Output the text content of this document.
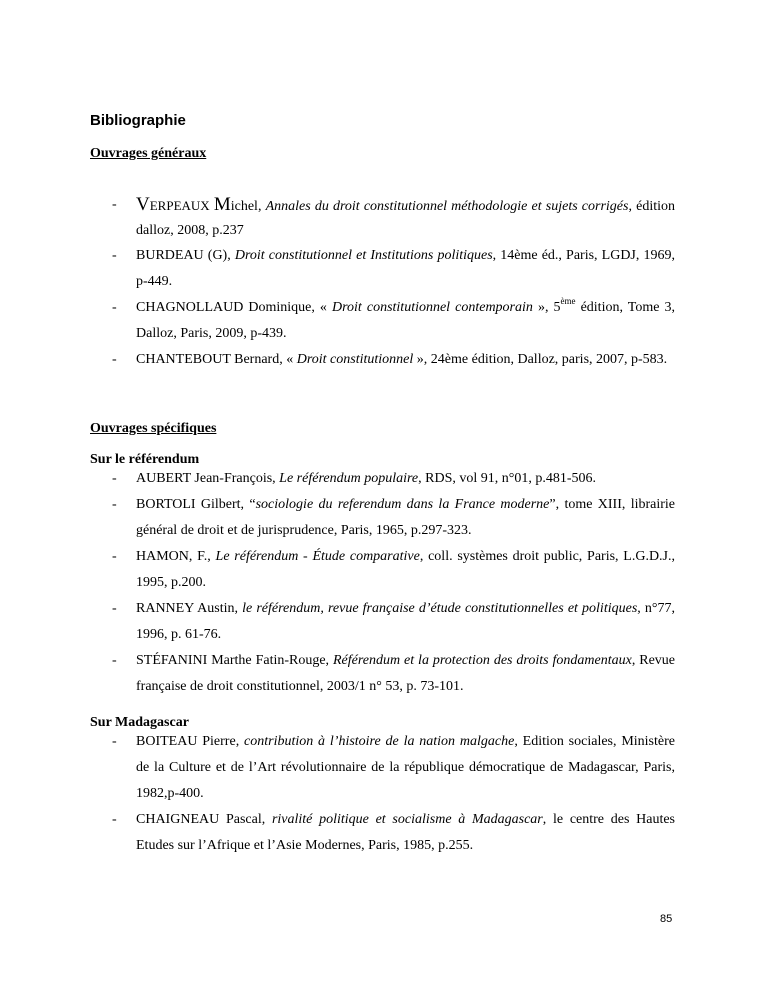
Bibliographie
Ouvrages généraux
- VERPEAUX Michel, Annales du droit constitutionnel méthodologie et sujets corrigés, édition dalloz, 2008, p.237
- BURDEAU (G), Droit constitutionnel et Institutions politiques, 14ème éd., Paris, LGDJ, 1969, p-449.
- CHAGNOLLAUD Dominique, « Droit constitutionnel contemporain », 5ème édition, Tome 3, Dalloz, Paris, 2009, p-439.
- CHANTEBOUT Bernard, « Droit constitutionnel », 24ème édition, Dalloz, paris, 2007, p-583.
Ouvrages spécifiques
Sur le référendum
- AUBERT Jean-François, Le référendum populaire, RDS, vol 91, n°01, p.481-506.
- BORTOLI Gilbert, “sociologie du referendum dans la France moderne”, tome XIII, librairie général de droit et de jurisprudence, Paris, 1965, p.297-323.
- HAMON, F., Le référendum - Étude comparative, coll. systèmes droit public, Paris, L.G.D.J., 1995, p.200.
- RANNEY Austin, le référendum, revue française d’étude constitutionnelles et politiques, n°77, 1996, p. 61-76.
- STÉFANINI Marthe Fatin-Rouge, Référendum et la protection des droits fondamentaux, Revue française de droit constitutionnel, 2003/1 n° 53, p. 73-101.
Sur Madagascar
- BOITEAU Pierre, contribution à l’histoire de la nation malgache, Edition sociales, Ministère de la Culture et de l’Art révolutionnaire de la république démocratique de Madagascar, Paris, 1982,p-400.
- CHAIGNEAU Pascal, rivalité politique et socialisme à Madagascar, le centre des Hautes Etudes sur l’Afrique et l’Asie Modernes, Paris, 1985, p.255.
85
